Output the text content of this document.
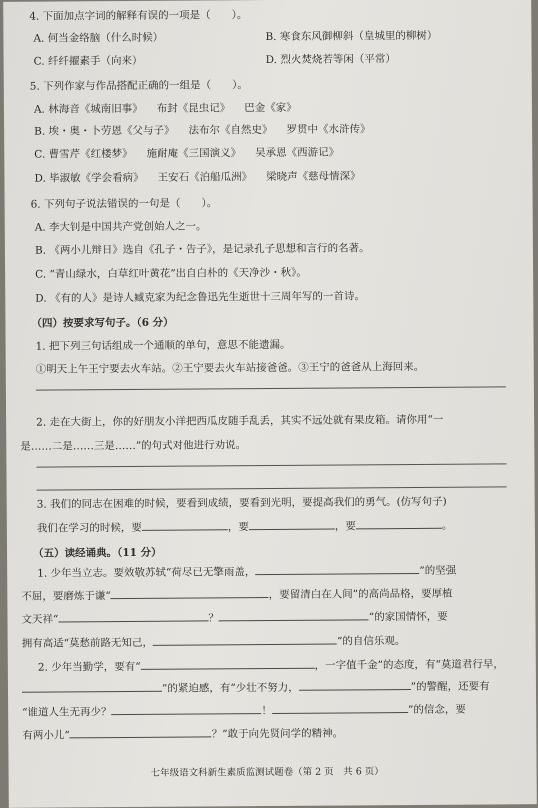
4. 下面加点字词的解释有误的一项是（　　）。
A. 何当金络脑（什么时候）	B. 寒食东风御柳斜（皇城里的柳树）
C. 纤纤擢素手（向来）	D. 烈火焚烧若等闲（平常）
5. 下列作家与作品搭配正确的一组是（　　）。
A. 林海音《城南旧事》 布封《昆虫记》 巴金《家》
B. 埃・奥・卜劳恩《父与子》 法布尔《自然史》 罗贯中《水浒传》
C. 曹雪芹《红楼梦》 施耐庵《三国演义》 吴承恩《西游记》
D. 毕淑敏《学会看病》 王安石《泊船瓜洲》 梁晓声《慈母情深》
6. 下列句子说法错误的一句是（　　）。
A. 李大钊是中国共产党创始人之一。
B. 《两小儿辩日》选自《孔子・告子》，是记录孔子思想和言行的名著。
C. “青山绿水，白草红叶黄花”出自白朴的《天净沙・秋》。
D. 《有的人》是诗人臧克家为纪念鲁迅先生逝世十三周年写的一首诗。
（四）按要求写句子。（6 分）
1. 把下列三句话组成一个通顺的单句，意思不能遗漏。
①明天上午王宁要去火车站。②王宁要去火车站接爸爸。③王宁的爸爸从上海回来。
2. 走在大街上，你的好朋友小洋把西瓜皮随手乱丢，其实不远处就有果皮箱。请你用“一
是……二是……三是……”的句式对他进行劝说。
3. 我们的同志在困难的时候，要看到成绩，要看到光明，要提高我们的勇气。(仿写句子)
我们在学习的时候，要	，要	，要	。
（五）读经诵典。（11 分）
1. 少年当立志。要效敬苏轼“荷尽已无擎雨盖，	”的坚强
不屈，要磨炼于谦“	，要留清白在人间”的高尚品格，要厚植
文天祥“	？	”的家国情怀，要
拥有高适“莫愁前路无知己，	”的自信乐观。
2. 少年当勤学，要有“	，一字值千金”的态度，有“莫道君行早，
”的紧迫感，有“少壮不努力，	”的警醒，还要有
“谁道人生无再少？	！	”的信念，要
有两小儿“	？”敢于向先贤问学的精神。
七年级语文科新生素质监测试题卷（第 2 页　共 6 页）
